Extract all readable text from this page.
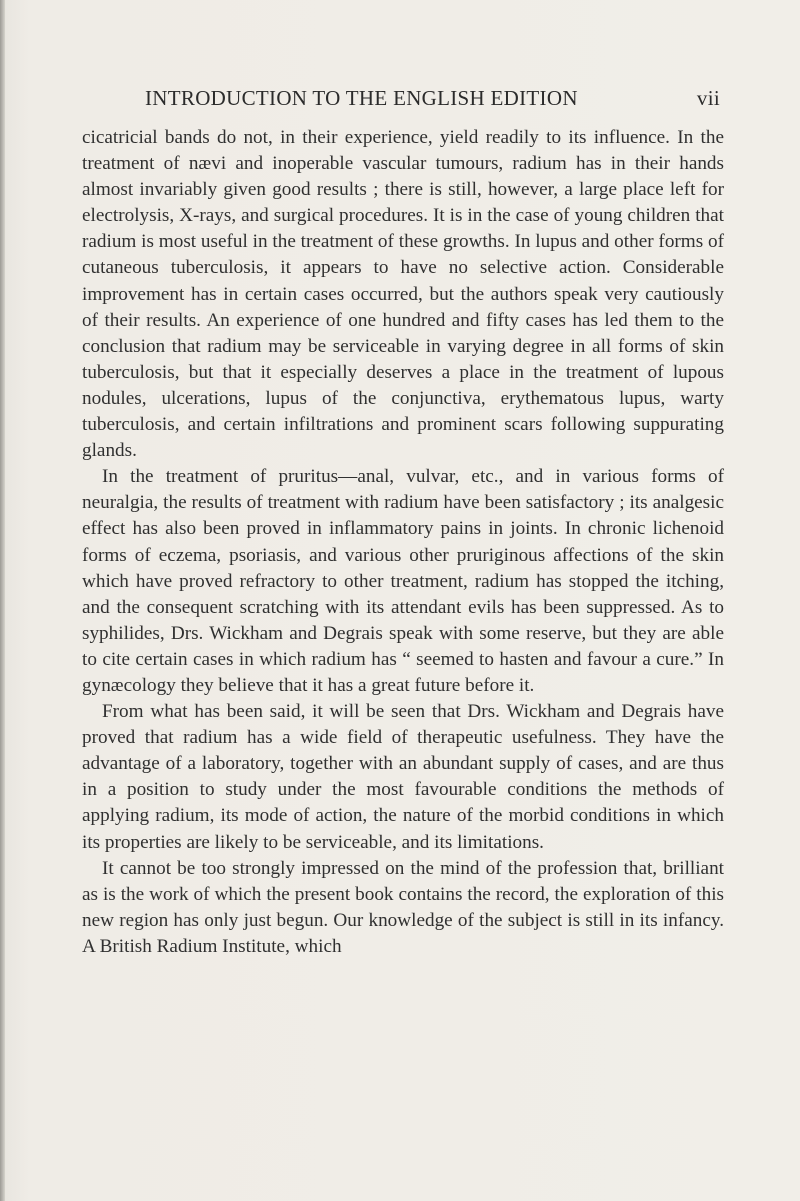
INTRODUCTION TO THE ENGLISH EDITION	vii

cicatricial bands do not, in their experience, yield readily to its influence. In the treatment of nævi and inoperable vascular tumours, radium has in their hands almost invariably given good results ; there is still, however, a large place left for electrolysis, X-rays, and surgical procedures. It is in the case of young children that radium is most useful in the treatment of these growths. In lupus and other forms of cutaneous tuberculosis, it appears to have no selective action. Considerable improvement has in certain cases occurred, but the authors speak very cautiously of their results. An experience of one hundred and fifty cases has led them to the conclusion that radium may be serviceable in varying degree in all forms of skin tuberculosis, but that it especially deserves a place in the treatment of lupous nodules, ulcerations, lupus of the conjunctiva, erythematous lupus, warty tuberculosis, and certain infiltrations and prominent scars following suppurating glands.

In the treatment of pruritus—anal, vulvar, etc., and in various forms of neuralgia, the results of treatment with radium have been satisfactory ; its analgesic effect has also been proved in inflammatory pains in joints. In chronic lichenoid forms of eczema, psoriasis, and various other pruriginous affections of the skin which have proved refractory to other treatment, radium has stopped the itching, and the consequent scratching with its attendant evils has been suppressed. As to syphilides, Drs. Wickham and Degrais speak with some reserve, but they are able to cite certain cases in which radium has “ seemed to hasten and favour a cure.” In gynæcology they believe that it has a great future before it.

From what has been said, it will be seen that Drs. Wickham and Degrais have proved that radium has a wide field of therapeutic usefulness. They have the advantage of a laboratory, together with an abundant supply of cases, and are thus in a position to study under the most favourable conditions the methods of applying radium, its mode of action, the nature of the morbid conditions in which its properties are likely to be serviceable, and its limitations.

It cannot be too strongly impressed on the mind of the profession that, brilliant as is the work of which the present book contains the record, the exploration of this new region has only just begun. Our knowledge of the subject is still in its infancy. A British Radium Institute, which
